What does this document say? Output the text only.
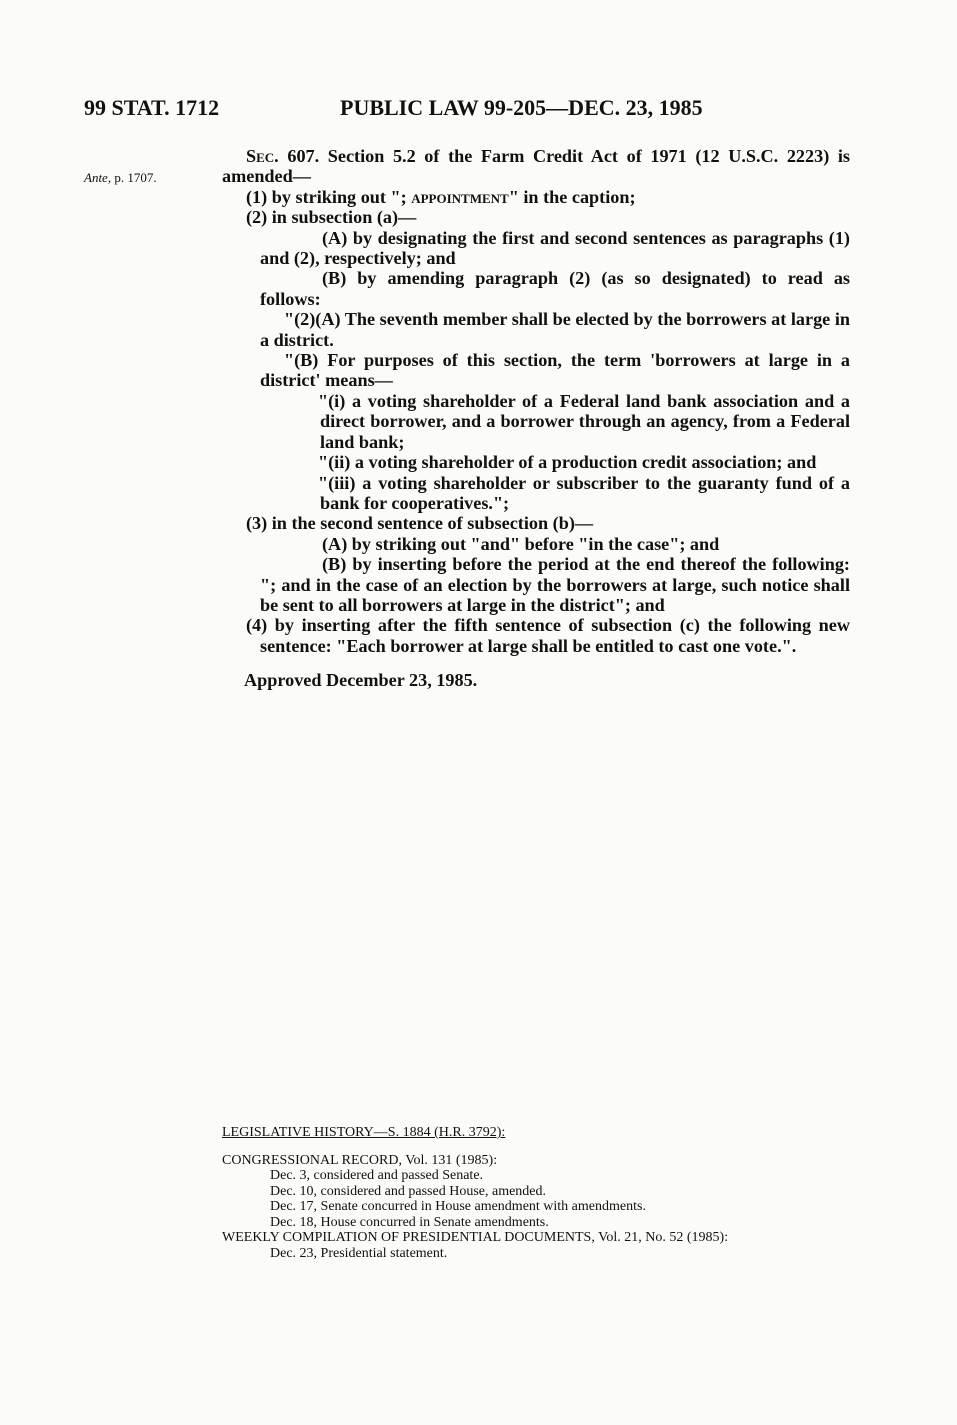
99 STAT. 1712	PUBLIC LAW 99-205—DEC. 23, 1985
Ante, p. 1707.

Sec. 607. Section 5.2 of the Farm Credit Act of 1971 (12 U.S.C. 2223) is amended—

(1) by striking out "; appointment" in the caption;

(2) in subsection (a)—

(A) by designating the first and second sentences as paragraphs (1) and (2), respectively; and

(B) by amending paragraph (2) (as so designated) to read as follows:

"(2)(A) The seventh member shall be elected by the borrowers at large in a district.

"(B) For purposes of this section, the term 'borrowers at large in a district' means—

"(i) a voting shareholder of a Federal land bank association and a direct borrower, and a borrower through an agency, from a Federal land bank;

"(ii) a voting shareholder of a production credit association; and

"(iii) a voting shareholder or subscriber to the guaranty fund of a bank for cooperatives.";

(3) in the second sentence of subsection (b)—

(A) by striking out "and" before "in the case"; and

(B) by inserting before the period at the end thereof the following: "; and in the case of an election by the borrowers at large, such notice shall be sent to all borrowers at large in the district"; and

(4) by inserting after the fifth sentence of subsection (c) the following new sentence: "Each borrower at large shall be entitled to cast one vote.".

Approved December 23, 1985.

LEGISLATIVE HISTORY—S. 1884 (H.R. 3792):

CONGRESSIONAL RECORD, Vol. 131 (1985):

Dec. 3, considered and passed Senate.

Dec. 10, considered and passed House, amended.

Dec. 17, Senate concurred in House amendment with amendments.

Dec. 18, House concurred in Senate amendments.

WEEKLY COMPILATION OF PRESIDENTIAL DOCUMENTS, Vol. 21, No. 52 (1985):

Dec. 23, Presidential statement.
